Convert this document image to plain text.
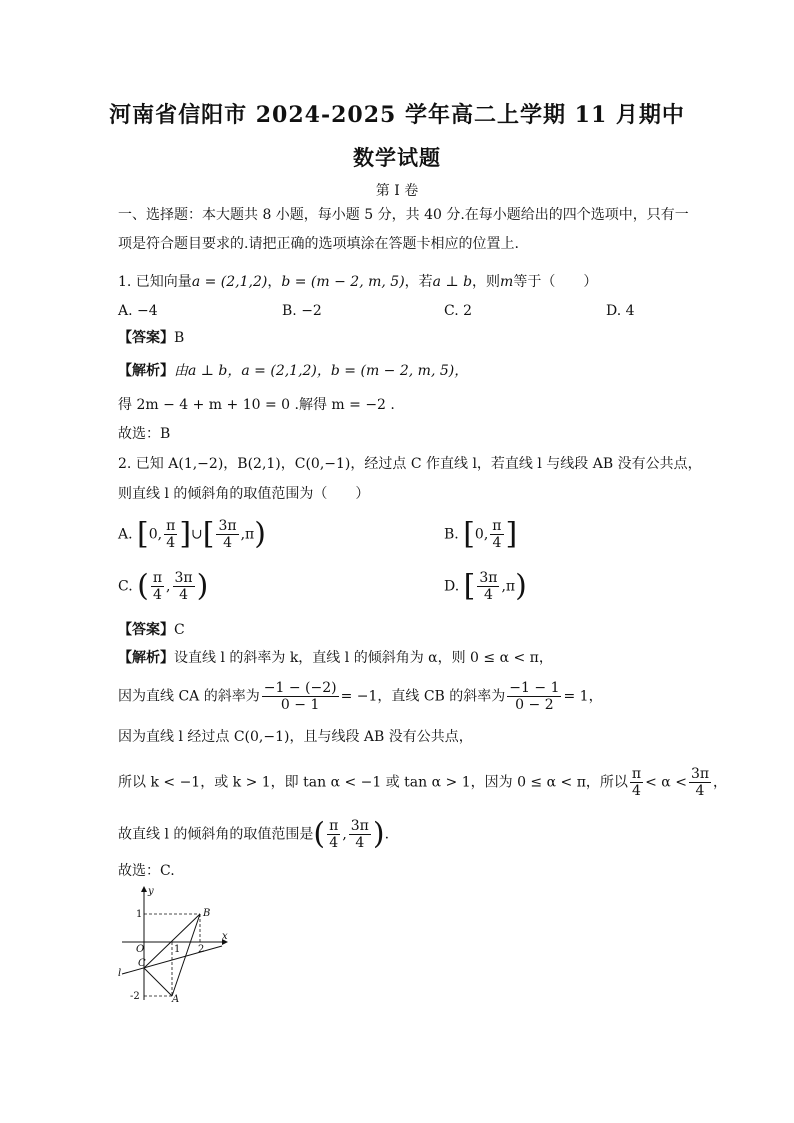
河南省信阳市 2024-2025 学年高二上学期 11 月期中
数学试题
第 I 卷
一、选择题：本大题共 8 小题，每小题 5 分，共 40 分.在每小题给出的四个选项中，只有一
项是符合题目要求的.请把正确的选项填涂在答题卡相应的位置上.
1. 已知向量a = (2,1,2)，b = (m − 2, m, 5)，若a ⊥ b，则m等于（　　）
A. −4	B. −2	C. 2	D. 4
【答案】B
【解析】由a ⊥ b，a = (2,1,2)，b = (m − 2, m, 5)，
得 2m − 4 + m + 10 = 0 .解得 m = −2 .
故选：B
2. 已知 A(1,−2)，B(2,1)，C(0,−1)，经过点 C 作直线 l，若直线 l 与线段 AB 没有公共点，
则直线 l 的倾斜角的取值范围为（　　）
A. [0, $\frac{\pi}{4}$ ]∪[ $\frac{3\pi}{4} ,\pi$)	B. [0, $\frac{\pi}{4}$ ]
C. ( $\frac{\pi}{4}$ , $\frac{3\pi}{4}$ )	D. [ $\frac{3\pi}{4} ,\pi$)
【答案】C
【解析】设直线 l 的斜率为 k，直线 l 的倾斜角为 α，则 0 ≤ α < π，
因为直线 CA 的斜率为 $\frac{-1 - (-2)}{0 - 1} = -1$，直线 CB 的斜率为 $\frac{-1 - 1}{0 - 2} = 1$，
因为直线 l 经过点 C(0,−1)，且与线段 AB 没有公共点，
所以 k < −1，或 k > 1，即 tan α < −1 或 tan α > 1，因为 0 ≤ α < π，所以 $\frac{\pi}{4} < \alpha < \frac{3\pi}{4}$ ，
故直线 l 的倾斜角的取值范围是( $\frac{\pi}{4}$ , $\frac{3\pi}{4}$ ).
故选：C.
x
y
O
1
-2
1 2
B
A
C
l
